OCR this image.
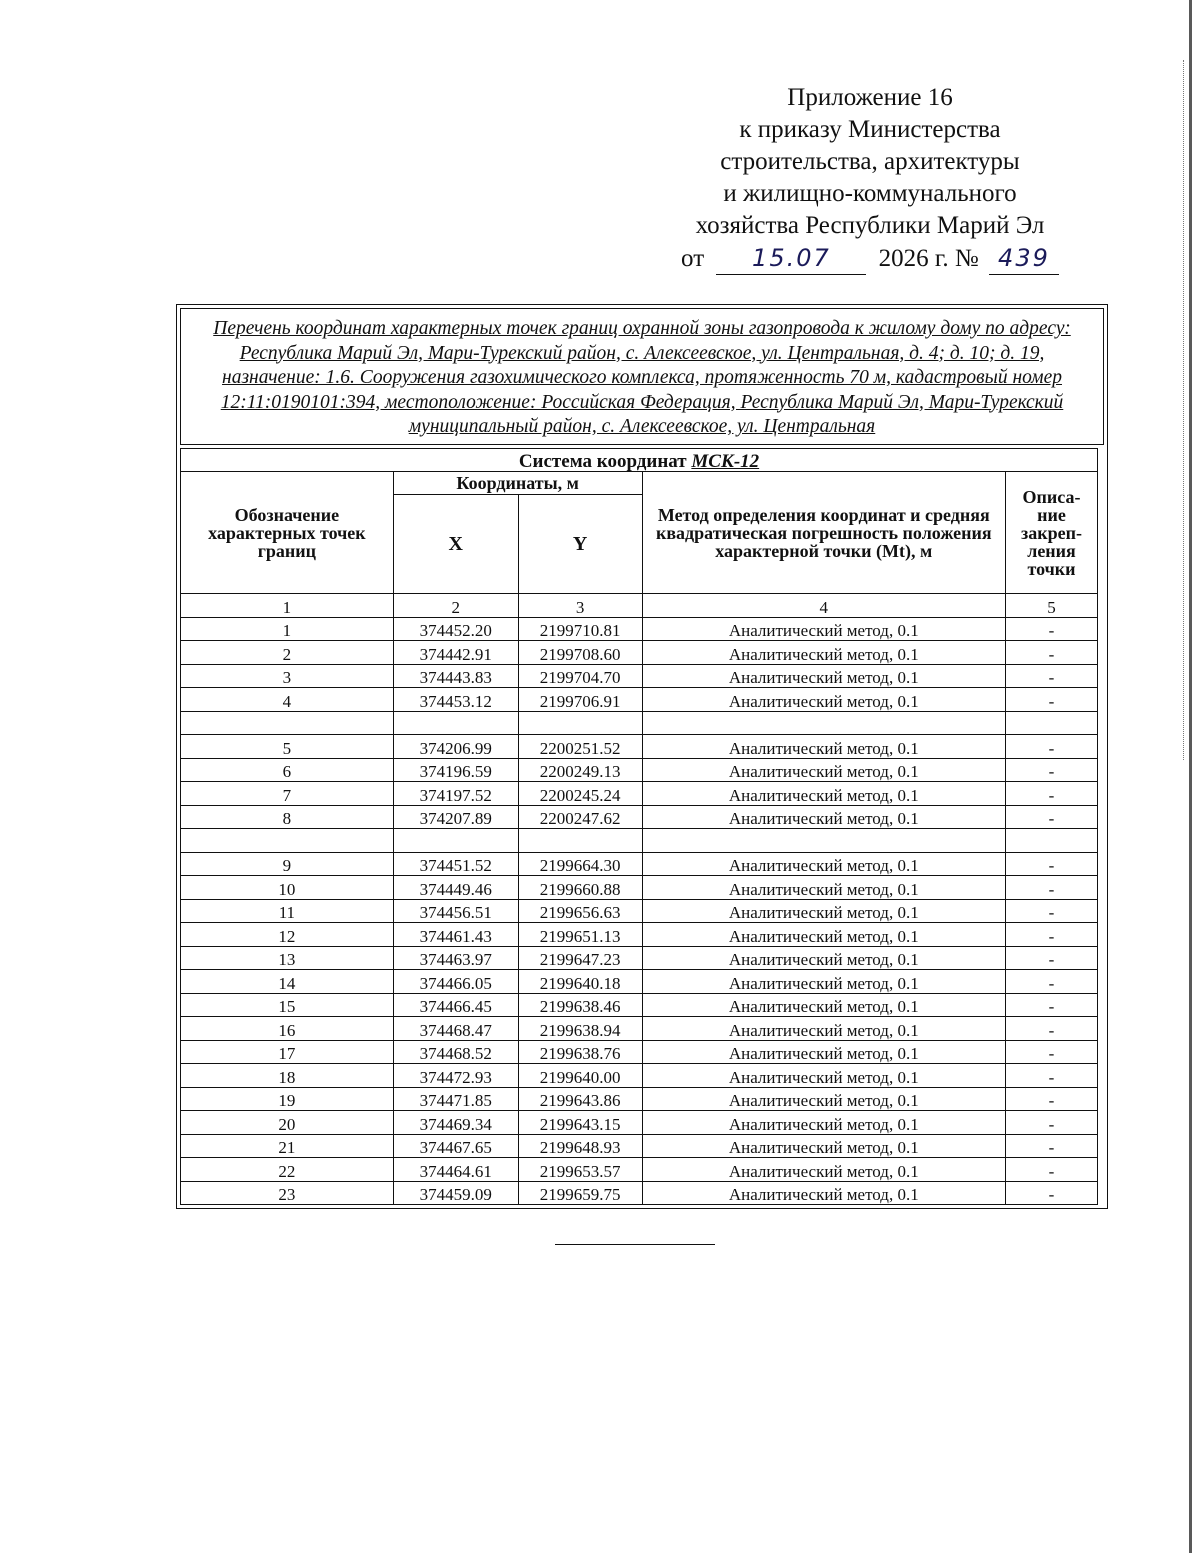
Приложение 16
к приказу Министерства
строительства, архитектуры
и жилищно-коммунального
хозяйства Республики Марий Эл
от 15.07 2026 г. № 439
Перечень координат характерных точек границ охранной зоны газопровода к жилому дому по адресу: Республика Марий Эл, Мари-Турекский район, с. Алексеевское, ул. Центральная, д. 4; д. 10; д. 19, назначение: 1.6. Сооружения газохимического комплекса, протяженность 70 м, кадастровый номер 12:11:0190101:394, местоположение: Российская Федерация, Республика Марий Эл, Мари-Турекский муниципальный район, с. Алексеевское, ул. Центральная
Система координат МСК-12				
Обозначение характерных точек границ	Координаты, м		Метод определения координат и средняя квадратическая погрешность положения характерной точки (Mt), м	Описа-ние закреп-ления точки
	X	Y		
1	2	3	4	5
1	374452.20	2199710.81	Аналитический метод, 0.1	-
2	374442.91	2199708.60	Аналитический метод, 0.1	-
3	374443.83	2199704.70	Аналитический метод, 0.1	-
4	374453.12	2199706.91	Аналитический метод, 0.1	-

5	374206.99	2200251.52	Аналитический метод, 0.1	-
6	374196.59	2200249.13	Аналитический метод, 0.1	-
7	374197.52	2200245.24	Аналитический метод, 0.1	-
8	374207.89	2200247.62	Аналитический метод, 0.1	-

9	374451.52	2199664.30	Аналитический метод, 0.1	-
10	374449.46	2199660.88	Аналитический метод, 0.1	-
11	374456.51	2199656.63	Аналитический метод, 0.1	-
12	374461.43	2199651.13	Аналитический метод, 0.1	-
13	374463.97	2199647.23	Аналитический метод, 0.1	-
14	374466.05	2199640.18	Аналитический метод, 0.1	-
15	374466.45	2199638.46	Аналитический метод, 0.1	-
16	374468.47	2199638.94	Аналитический метод, 0.1	-
17	374468.52	2199638.76	Аналитический метод, 0.1	-
18	374472.93	2199640.00	Аналитический метод, 0.1	-
19	374471.85	2199643.86	Аналитический метод, 0.1	-
20	374469.34	2199643.15	Аналитический метод, 0.1	-
21	374467.65	2199648.93	Аналитический метод, 0.1	-
22	374464.61	2199653.57	Аналитический метод, 0.1	-
23	374459.09	2199659.75	Аналитический метод, 0.1	-
